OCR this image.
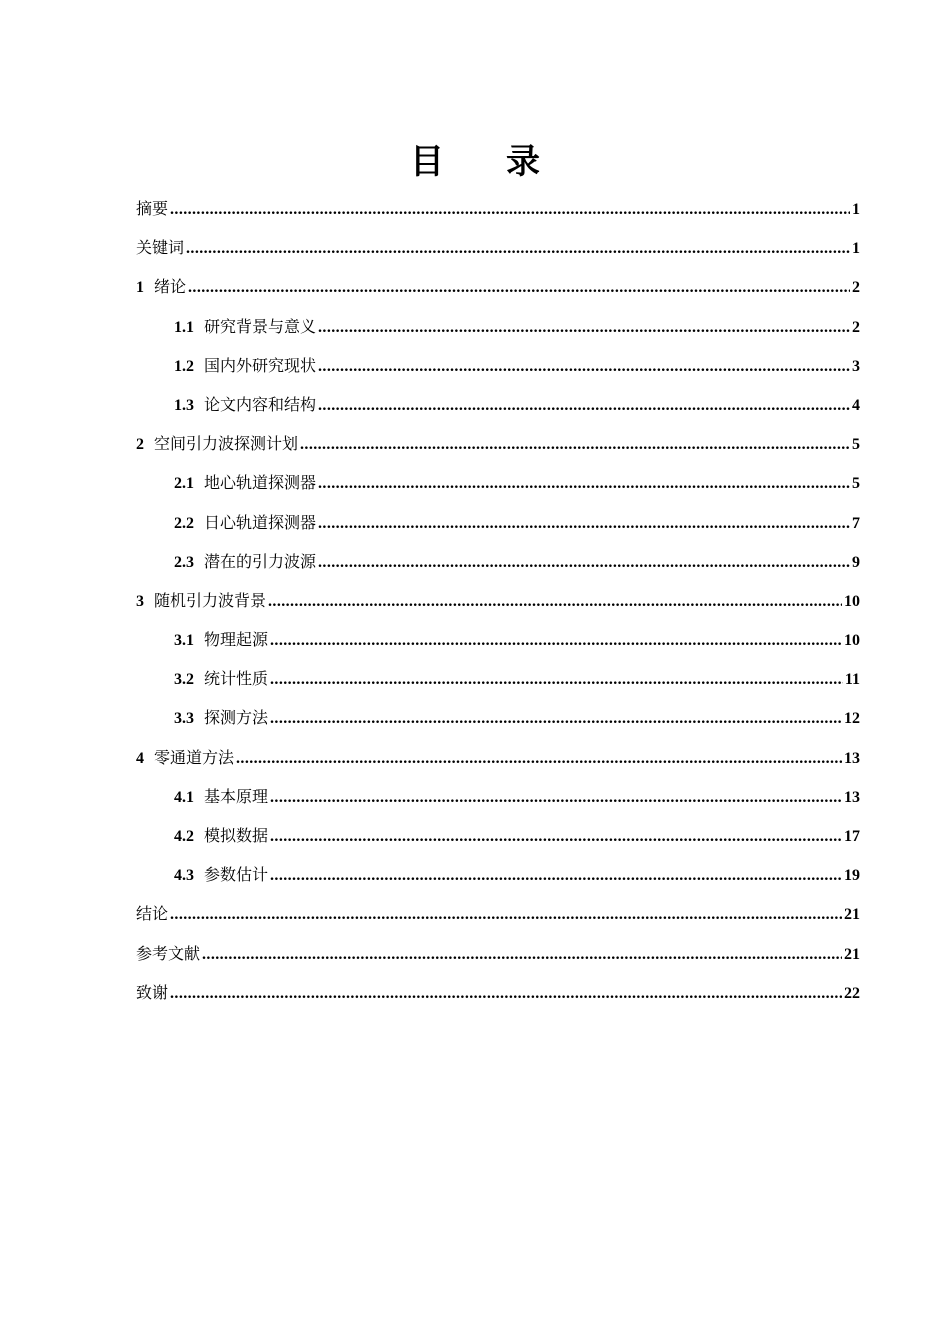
目 录
摘要 .....	1
关键词 .....	1
1 绪论 .....	2
1.1 研究背景与意义 .....	2
1.2 国内外研究现状 .....	3
1.3 论文内容和结构 .....	4
2 空间引力波探测计划 .....	5
2.1 地心轨道探测器 .....	5
2.2 日心轨道探测器 .....	7
2.3 潜在的引力波源 .....	9
3 随机引力波背景 .....	10
3.1 物理起源 .....	10
3.2 统计性质 .....	11
3.3 探测方法 .....	12
4 零通道方法 .....	13
4.1 基本原理 .....	13
4.2 模拟数据 .....	17
4.3 参数估计 .....	19
结论 .....	21
参考文献 .....	21
致谢 .....	22
